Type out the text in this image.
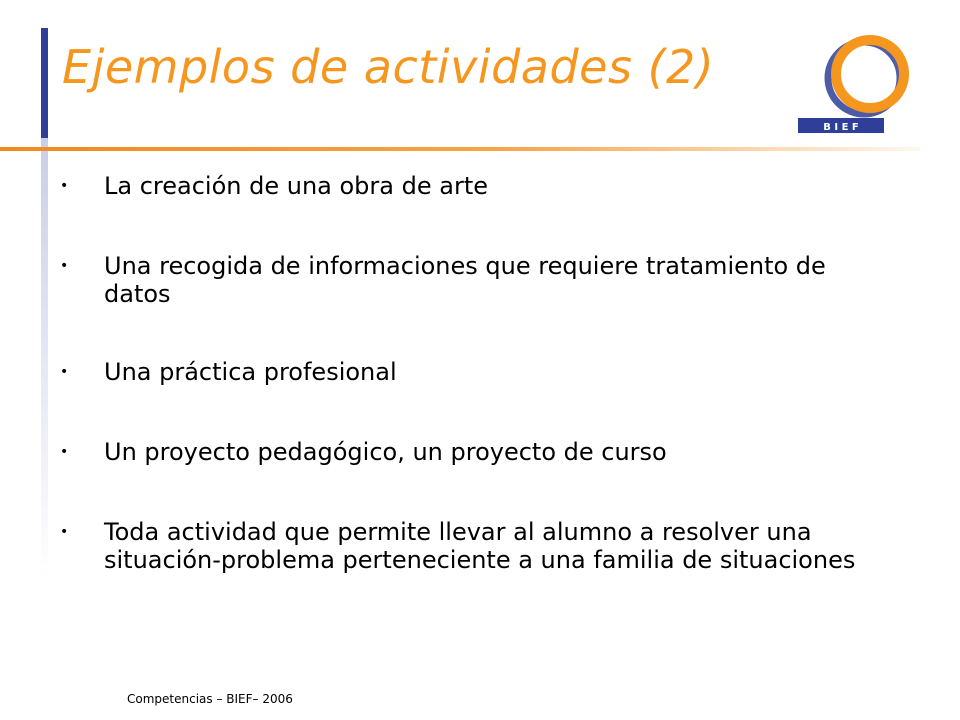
Ejemplos de actividades (2)
B I E F
•	La creación de una obra de arte
•	Una recogida de informaciones que requiere tratamiento de datos
•	Una práctica profesional
•	Un proyecto pedagógico, un proyecto de curso
•	Toda actividad que permite llevar al alumno a resolver una situación-problema perteneciente a una familia de situaciones
Competencias – BIEF– 2006
